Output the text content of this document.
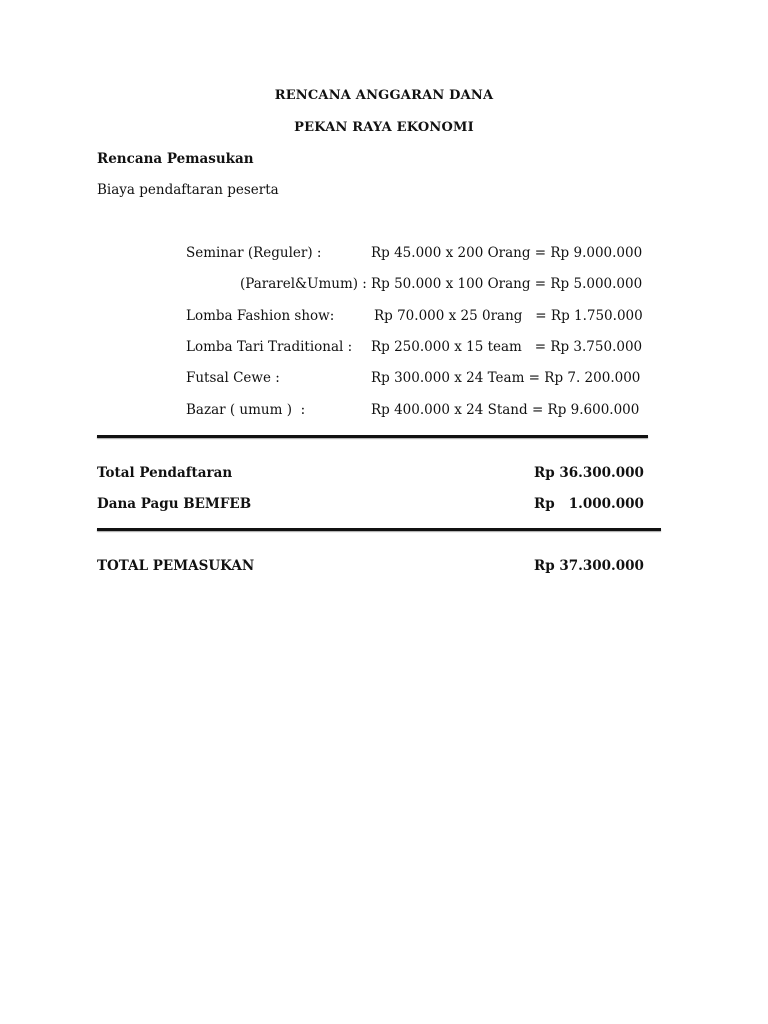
RENCANA ANGGARAN DANA
PEKAN RAYA EKONOMI
Rencana Pemasukan
Biaya pendaftaran peserta
Seminar (Reguler) :	Rp 45.000 x 200 Orang = Rp 9.000.000
(Pararel&Umum) : Rp 50.000 x 100 Orang = Rp 5.000.000
Lomba Fashion show:	Rp 70.000 x 25 0rang   = Rp 1.750.000
Lomba Tari Traditional : Rp 250.000 x 15 team   = Rp 3.750.000
Futsal Cewe :	Rp 300.000 x 24 Team = Rp 7. 200.000
Bazar ( umum )  :	Rp 400.000 x 24 Stand = Rp 9.600.000
Total Pendaftaran	Rp 36.300.000
Dana Pagu BEMFEB	Rp   1.000.000
TOTAL PEMASUKAN	Rp 37.300.000
